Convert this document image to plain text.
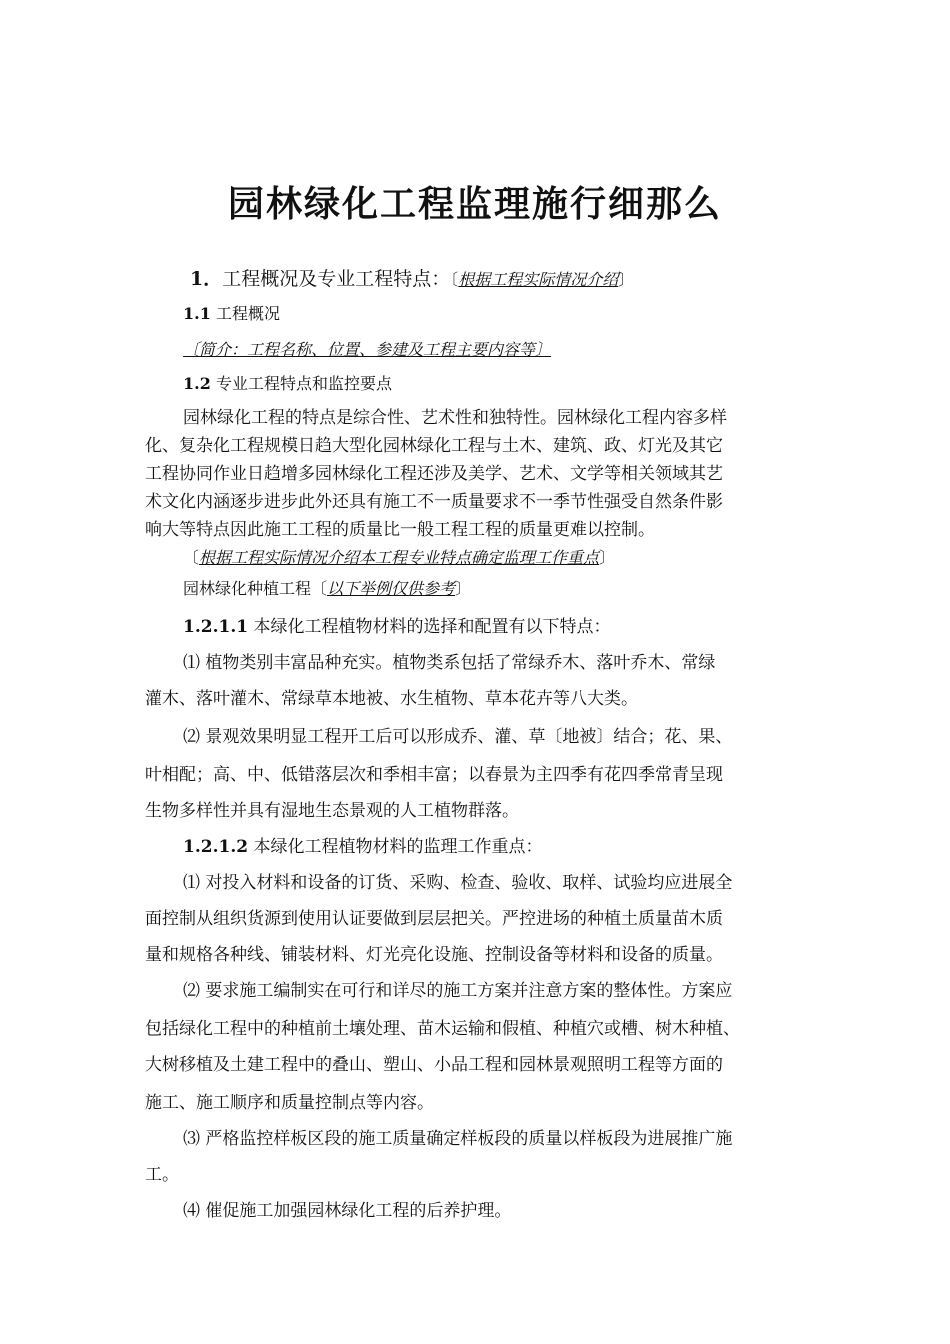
园林绿化工程监理施行细那么
1．工程概况及专业工程特点：〔根据工程实际情况介绍〕
1.1 工程概况
〔简介：工程名称、位置、参建及工程主要内容等〕
1.2 专业工程特点和监控要点
园林绿化工程的特点是综合性、艺术性和独特性。园林绿化工程内容多样
化、复杂化工程规模日趋大型化园林绿化工程与土木、建筑、政、灯光及其它
工程协同作业日趋增多园林绿化工程还涉及美学、艺术、文学等相关领域其艺
术文化内涵逐步进步此外还具有施工不一质量要求不一季节性强受自然条件影
响大等特点因此施工工程的质量比一般工程工程的质量更难以控制。
〔根据工程实际情况介绍本工程专业特点确定监理工作重点〕
园林绿化种植工程〔以下举例仅供参考〕
1.2.1.1 本绿化工程植物材料的选择和配置有以下特点：
⑴ 植物类别丰富品种充实。植物类系包括了常绿乔木、落叶乔木、常绿
灌木、落叶灌木、常绿草本地被、水生植物、草本花卉等八大类。
⑵ 景观效果明显工程开工后可以形成乔、灌、草〔地被〕结合；花、果、
叶相配；高、中、低错落层次和季相丰富；以春景为主四季有花四季常青呈现
生物多样性并具有湿地生态景观的人工植物群落。
1.2.1.2 本绿化工程植物材料的监理工作重点：
⑴ 对投入材料和设备的订货、采购、检查、验收、取样、试验均应进展全
面控制从组织货源到使用认证要做到层层把关。严控进场的种植土质量苗木质
量和规格各种线、铺装材料、灯光亮化设施、控制设备等材料和设备的质量。
⑵ 要求施工编制实在可行和详尽的施工方案并注意方案的整体性。方案应
包括绿化工程中的种植前土壤处理、苗木运输和假植、种植穴或槽、树木种植、
大树移植及土建工程中的叠山、塑山、小品工程和园林景观照明工程等方面的
施工、施工顺序和质量控制点等内容。
⑶ 严格监控样板区段的施工质量确定样板段的质量以样板段为进展推广施
工。
⑷ 催促施工加强园林绿化工程的后养护理。
